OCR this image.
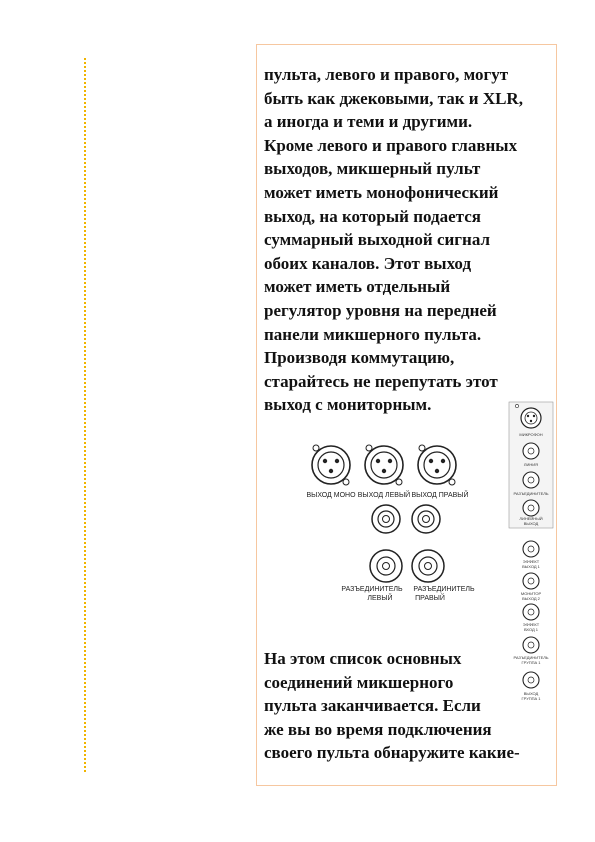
пульта, левого и правого, могут
быть как джековыми, так и XLR,
а иногда и теми и другими.
Кроме левого и правого главных
выходов, микшерный пульт
может иметь монофонический
выход, на который подается
суммарный выходной сигнал
обоих каналов. Этот выход
может иметь отдельный
регулятор уровня на передней
панели микшерного пульта.
Производя коммутацию,
старайтесь не перепутать этот
выход с мониторным.
На этом список основных
соединений микшерного
пульта заканчивается. Если
же вы во время подключения
своего пульта обнаружите какие-
ВЫХОД МОНО ВЫХОД ЛЕВЫЙ ВЫХОД ПРАВЫЙ
РАЗЪЕДИНИТЕЛЬ
ЛЕВЫЙ
РАЗЪЕДИНИТЕЛЬ
ПРАВЫЙ
МИКРОФОН
ЛИНИЯ
РАЗЪЕДИНИТЕЛЬ
ЛИНЕЙНЫЙ
ВЫХОД
ЭФФЕКТ
ВЫХОД 1
МОНИТОР
ВЫХОД 2
ЭФФЕКТ
ВХОД 1
РАЗЪЕДИНИТЕЛЬ
ГРУППА 1
ВЫХОД
ГРУППА 1
